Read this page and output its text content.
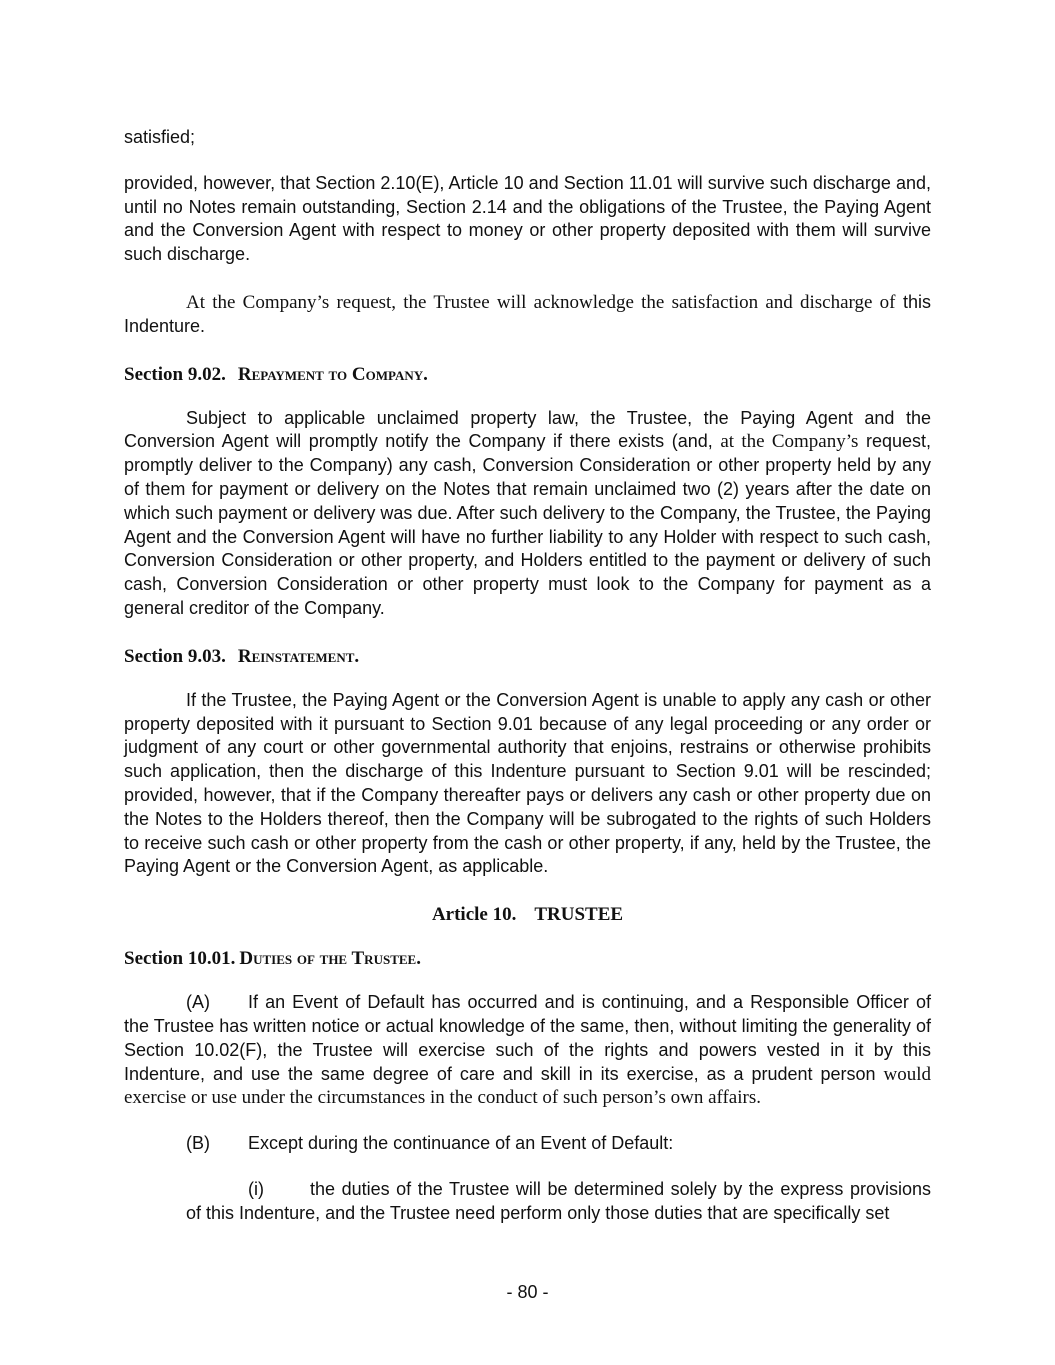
satisfied;

provided, however, that Section 2.10(E), Article 10 and Section 11.01 will survive such discharge and, until no Notes remain outstanding, Section 2.14 and the obligations of the Trustee, the Paying Agent and the Conversion Agent with respect to money or other property deposited with them will survive such discharge.

At the Company’s request, the Trustee will acknowledge the satisfaction and discharge of this Indenture.

Section 9.02. Repayment to Company.

Subject to applicable unclaimed property law, the Trustee, the Paying Agent and the Conversion Agent will promptly notify the Company if there exists (and, at the Company’s request, promptly deliver to the Company) any cash, Conversion Consideration or other property held by any of them for payment or delivery on the Notes that remain unclaimed two (2) years after the date on which such payment or delivery was due. After such delivery to the Company, the Trustee, the Paying Agent and the Conversion Agent will have no further liability to any Holder with respect to such cash, Conversion Consideration or other property, and Holders entitled to the payment or delivery of such cash, Conversion Consideration or other property must look to the Company for payment as a general creditor of the Company.

Section 9.03. Reinstatement.

If the Trustee, the Paying Agent or the Conversion Agent is unable to apply any cash or other property deposited with it pursuant to Section 9.01 because of any legal proceeding or any order or judgment of any court or other governmental authority that enjoins, restrains or otherwise prohibits such application, then the discharge of this Indenture pursuant to Section 9.01 will be rescinded; provided, however, that if the Company thereafter pays or delivers any cash or other property due on the Notes to the Holders thereof, then the Company will be subrogated to the rights of such Holders to receive such cash or other property from the cash or other property, if any, held by the Trustee, the Paying Agent or the Conversion Agent, as applicable.

Article 10. TRUSTEE
Section 10.01. Duties of the Trustee.

(A) If an Event of Default has occurred and is continuing, and a Responsible Officer of the Trustee has written notice or actual knowledge of the same, then, without limiting the generality of Section 10.02(F), the Trustee will exercise such of the rights and powers vested in it by this Indenture, and use the same degree of care and skill in its exercise, as a prudent person would exercise or use under the circumstances in the conduct of such person’s own affairs.

(B) Except during the continuance of an Event of Default:

(i)	the duties of the Trustee will be determined solely by the express provisions of this Indenture, and the Trustee need perform only those duties that are specifically set

- 80 -
